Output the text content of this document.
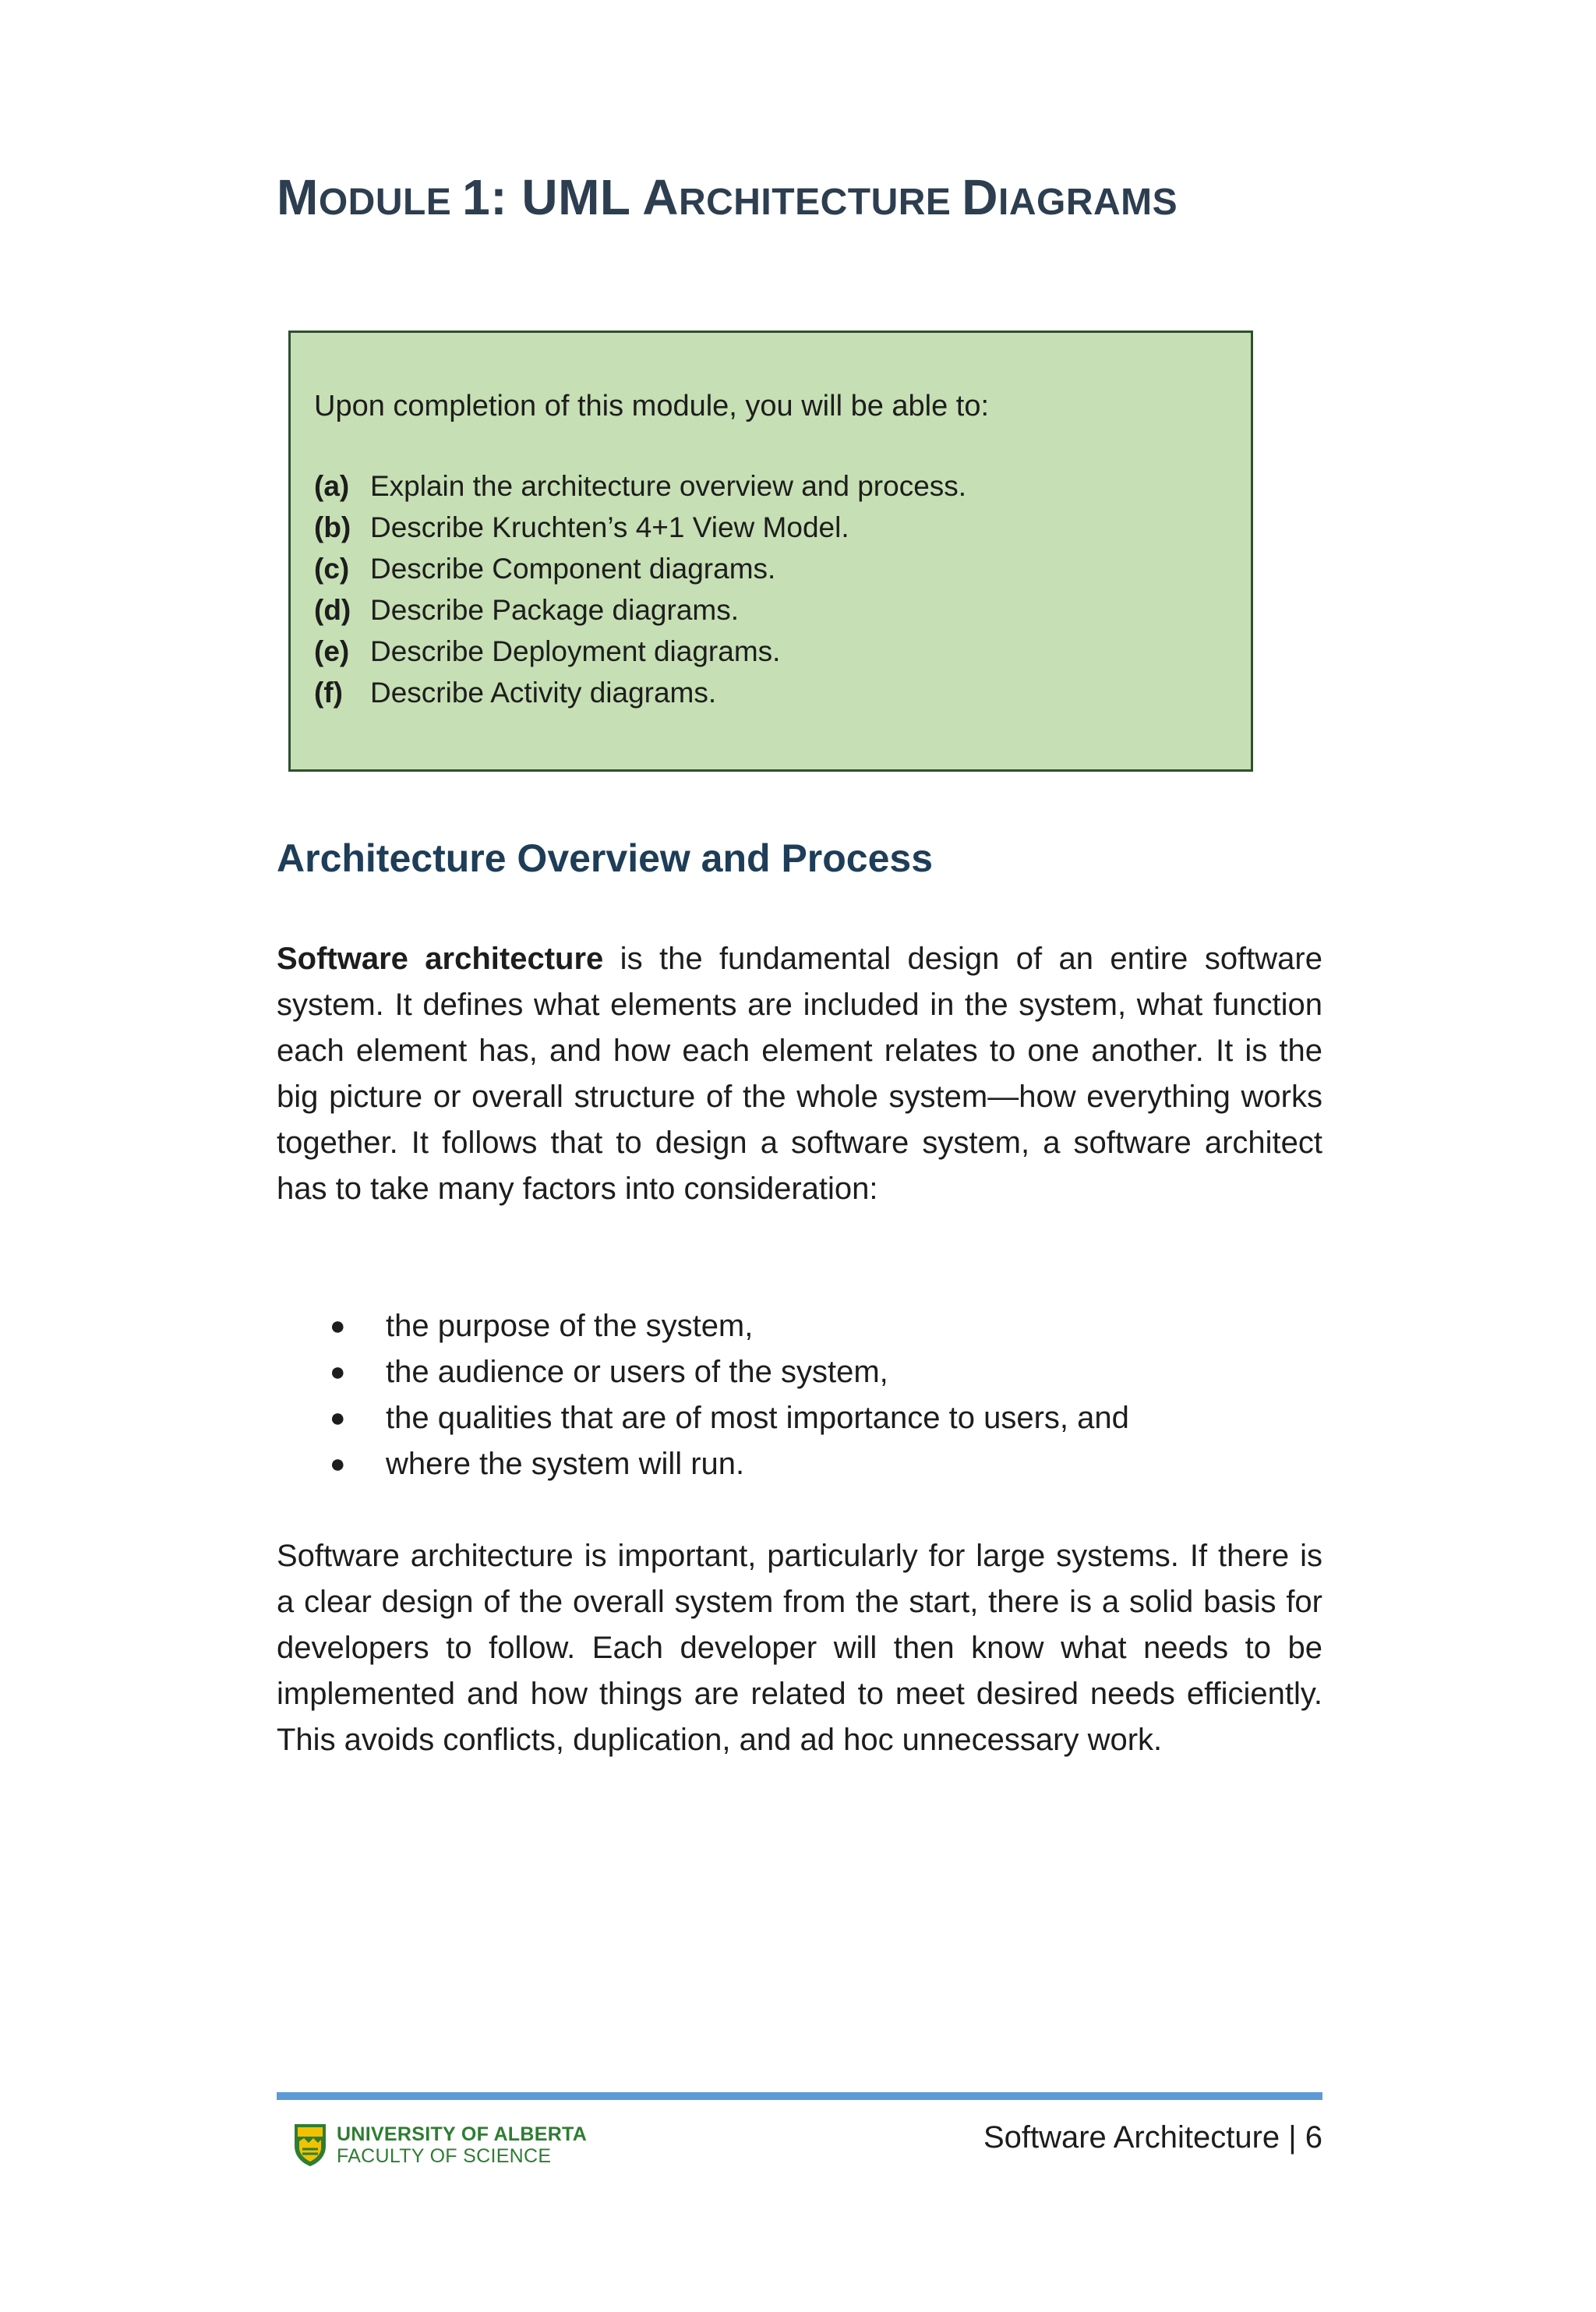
MODULE 1: UML ARCHITECTURE DIAGRAMS

Upon completion of this module, you will be able to:

(a) Explain the architecture overview and process.
(b) Describe Kruchten’s 4+1 View Model.
(c) Describe Component diagrams.
(d) Describe Package diagrams.
(e) Describe Deployment diagrams.
(f) Describe Activity diagrams.
Architecture Overview and Process

Software architecture is the fundamental design of an entire software system. It defines what elements are included in the system, what function each element has, and how each element relates to one another. It is the big picture or overall structure of the whole system—how everything works together. It follows that to design a software system, a software architect has to take many factors into consideration:

●	the purpose of the system,
●	the audience or users of the system,
●	the qualities that are of most importance to users, and
●	where the system will run.

Software architecture is important, particularly for large systems. If there is a clear design of the overall system from the start, there is a solid basis for developers to follow. Each developer will then know what needs to be implemented and how things are related to meet desired needs efficiently. This avoids conflicts, duplication, and ad hoc unnecessary work.

UNIVERSITY OF ALBERTA
FACULTY OF SCIENCE
Software Architecture | 6
